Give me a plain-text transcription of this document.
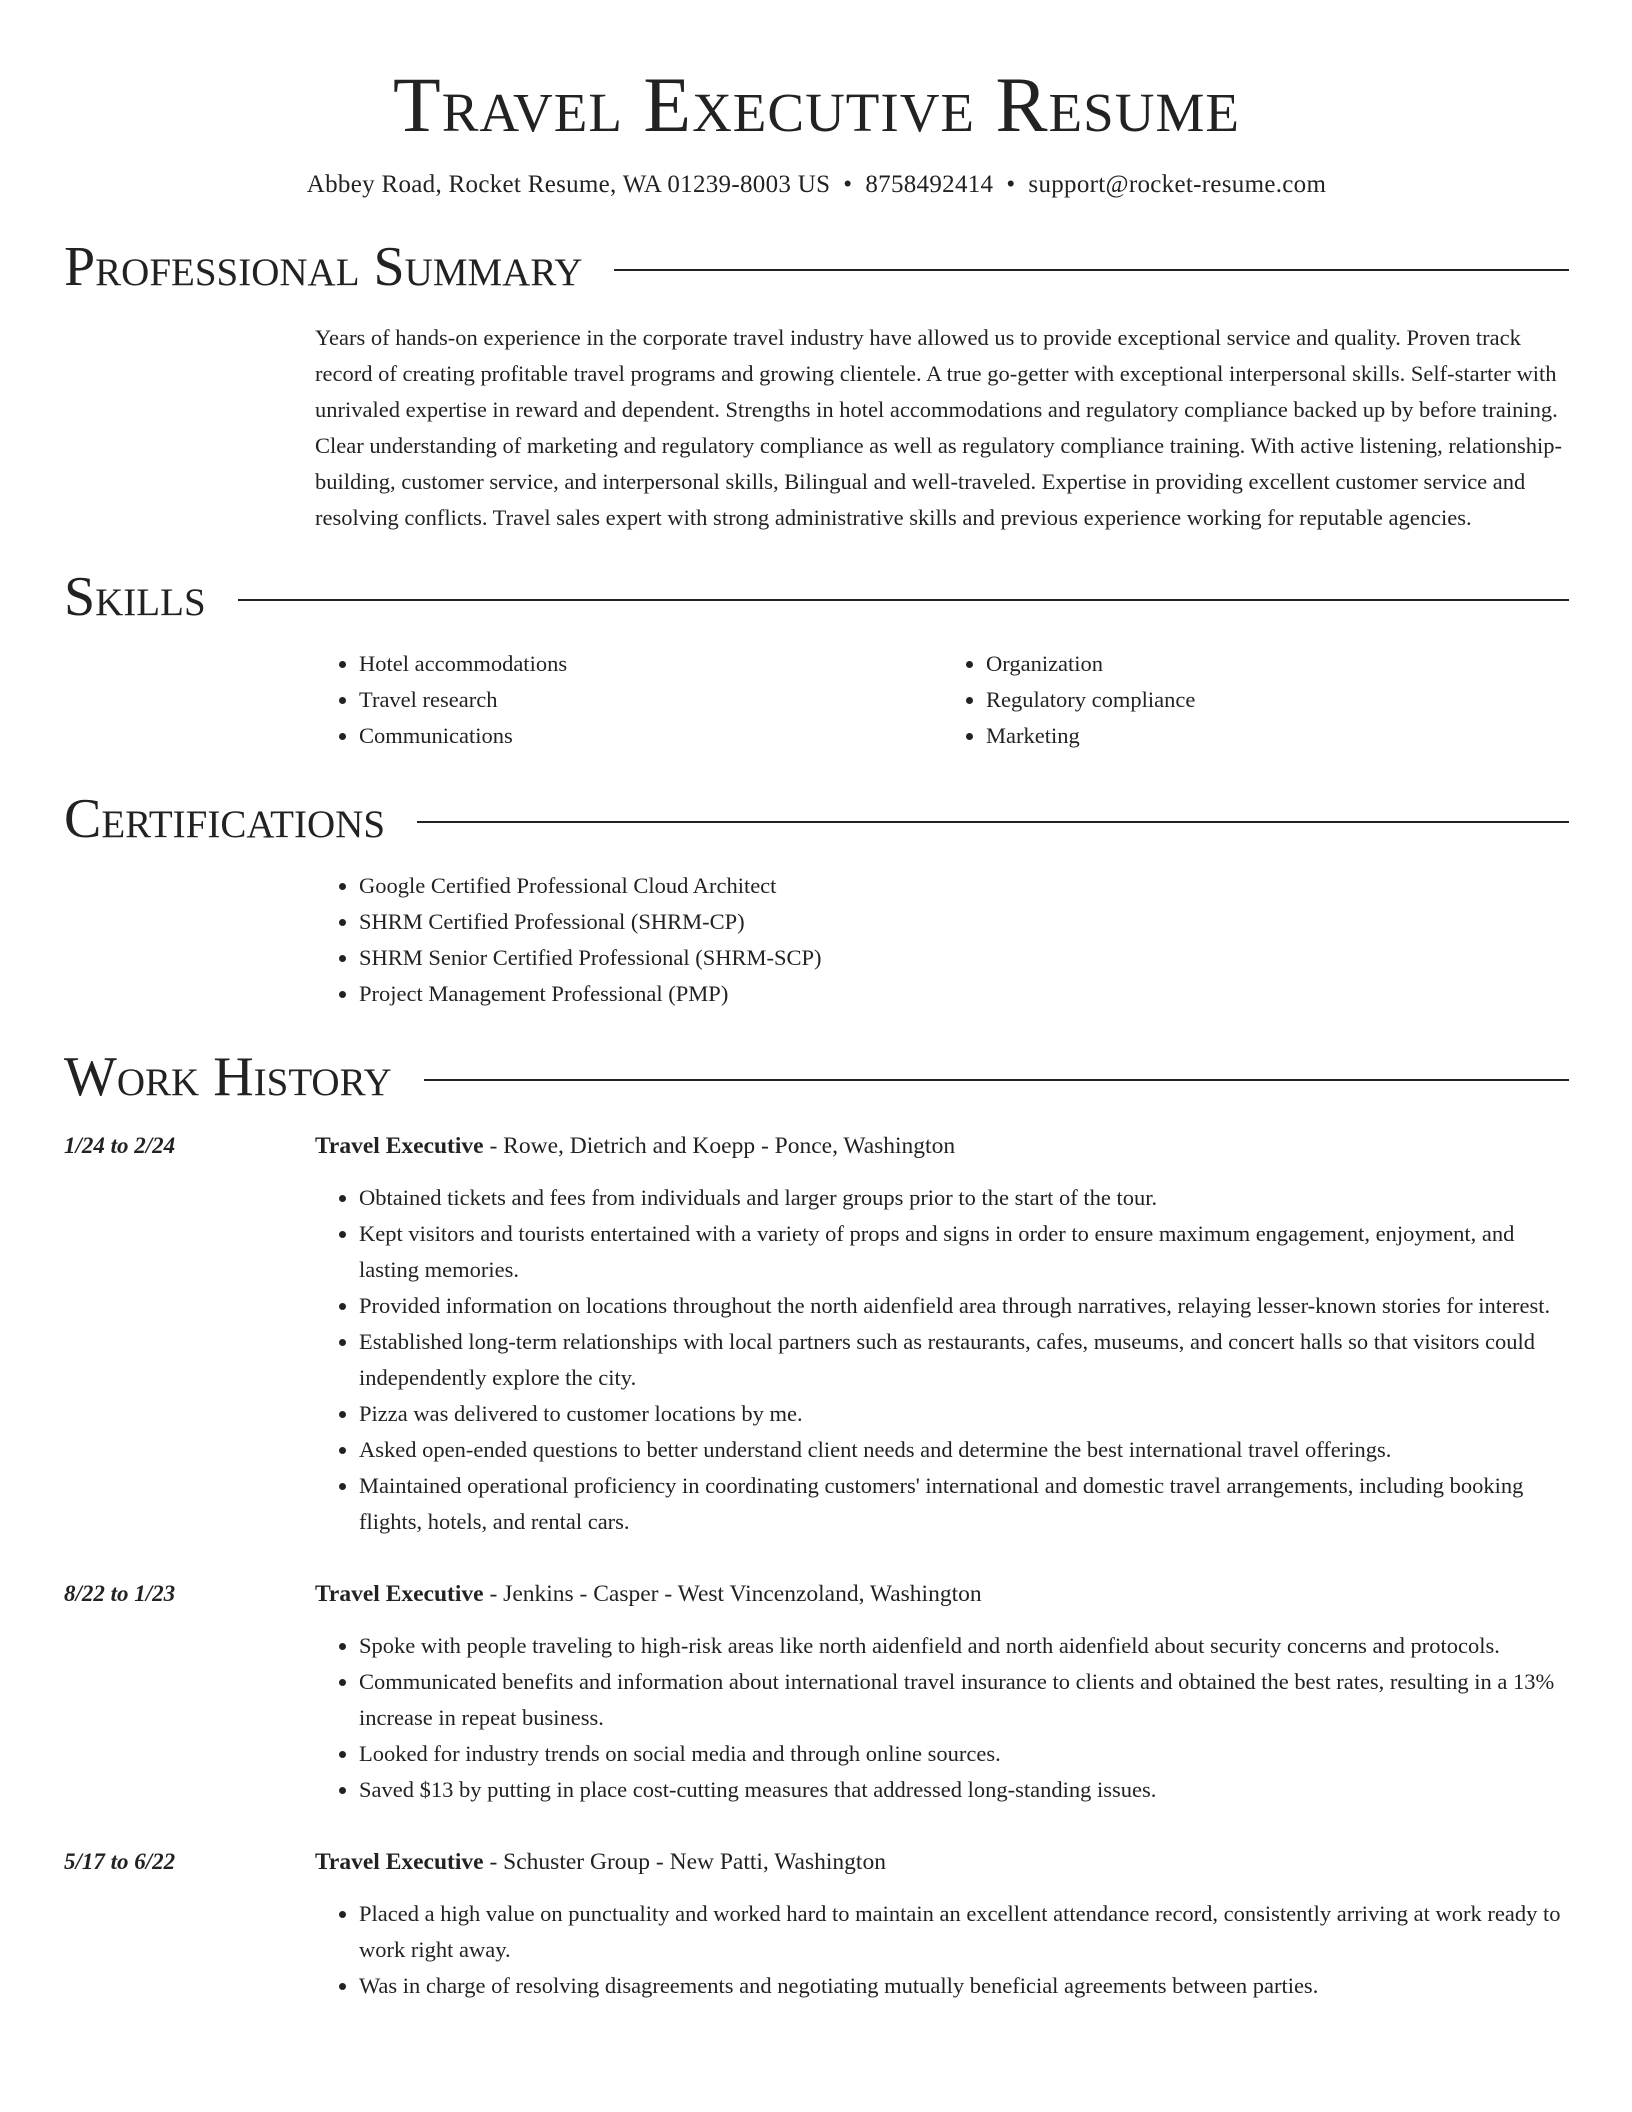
Travel Executive Resume
Abbey Road, Rocket Resume, WA 01239-8003 US • 8758492414 • support@rocket-resume.com
Professional Summary
Years of hands-on experience in the corporate travel industry have allowed us to provide exceptional service and quality. Proven track record of creating profitable travel programs and growing clientele. A true go-getter with exceptional interpersonal skills. Self-starter with unrivaled expertise in reward and dependent. Strengths in hotel accommodations and regulatory compliance backed up by before training. Clear understanding of marketing and regulatory compliance as well as regulatory compliance training. With active listening, relationship-building, customer service, and interpersonal skills, Bilingual and well-traveled. Expertise in providing excellent customer service and resolving conflicts. Travel sales expert with strong administrative skills and previous experience working for reputable agencies.
Skills
• Hotel accommodations
• Travel research
• Communications
• Organization
• Regulatory compliance
• Marketing
Certifications
• Google Certified Professional Cloud Architect
• SHRM Certified Professional (SHRM-CP)
• SHRM Senior Certified Professional (SHRM-SCP)
• Project Management Professional (PMP)
Work History
1/24 to 2/24	Travel Executive - Rowe, Dietrich and Koepp - Ponce, Washington
• Obtained tickets and fees from individuals and larger groups prior to the start of the tour.
• Kept visitors and tourists entertained with a variety of props and signs in order to ensure maximum engagement, enjoyment, and lasting memories.
• Provided information on locations throughout the north aidenfield area through narratives, relaying lesser-known stories for interest.
• Established long-term relationships with local partners such as restaurants, cafes, museums, and concert halls so that visitors could independently explore the city.
• Pizza was delivered to customer locations by me.
• Asked open-ended questions to better understand client needs and determine the best international travel offerings.
• Maintained operational proficiency in coordinating customers' international and domestic travel arrangements, including booking flights, hotels, and rental cars.
8/22 to 1/23	Travel Executive - Jenkins - Casper - West Vincenzoland, Washington
• Spoke with people traveling to high-risk areas like north aidenfield and north aidenfield about security concerns and protocols.
• Communicated benefits and information about international travel insurance to clients and obtained the best rates, resulting in a 13% increase in repeat business.
• Looked for industry trends on social media and through online sources.
• Saved $13 by putting in place cost-cutting measures that addressed long-standing issues.
5/17 to 6/22	Travel Executive - Schuster Group - New Patti, Washington
• Placed a high value on punctuality and worked hard to maintain an excellent attendance record, consistently arriving at work ready to work right away.
• Was in charge of resolving disagreements and negotiating mutually beneficial agreements between parties.
